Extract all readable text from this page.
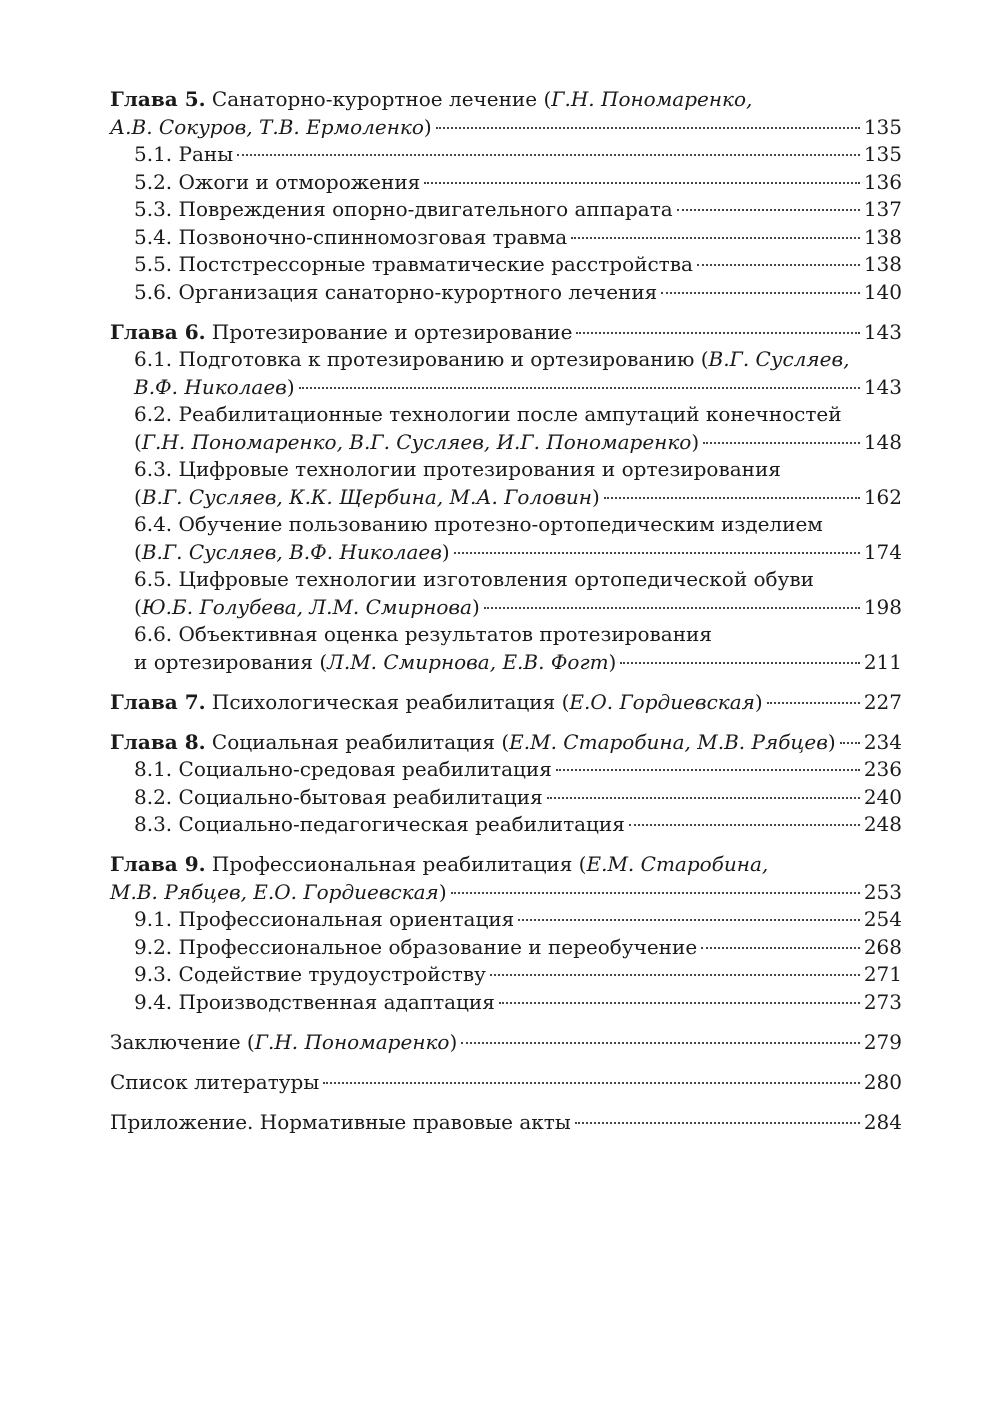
Глава 5. Санаторно-курортное лечение (Г.Н. Пономаренко,
А.В. Сокуров, Т.В. Ермоленко)	135
5.1. Раны	135
5.2. Ожоги и отморожения	136
5.3. Повреждения опорно-двигательного аппарата	137
5.4. Позвоночно-спинномозговая травма	138
5.5. Постстрессорные травматические расстройства	138
5.6. Организация санаторно-курортного лечения	140
Глава 6. Протезирование и ортезирование	143
6.1. Подготовка к протезированию и ортезированию (В.Г. Сусляев,
В.Ф. Николаев)	143
6.2. Реабилитационные технологии после ампутаций конечностей
(Г.Н. Пономаренко, В.Г. Сусляев, И.Г. Пономаренко)	148
6.3. Цифровые технологии протезирования и ортезирования
(В.Г. Сусляев, К.К. Щербина, М.А. Головин)	162
6.4. Обучение пользованию протезно-ортопедическим изделием
(В.Г. Сусляев, В.Ф. Николаев)	174
6.5. Цифровые технологии изготовления ортопедической обуви
(Ю.Б. Голубева, Л.М. Смирнова)	198
6.6. Объективная оценка результатов протезирования
и ортезирования (Л.М. Смирнова, Е.В. Фогт)	211
Глава 7. Психологическая реабилитация (Е.О. Гордиевская)	227
Глава 8. Социальная реабилитация (Е.М. Старобина, М.В. Рябцев) 234
8.1. Социально-средовая реабилитация	236
8.2. Социально-бытовая реабилитация	240
8.3. Социально-педагогическая реабилитация	248
Глава 9. Профессиональная реабилитация (Е.М. Старобина,
М.В. Рябцев, Е.О. Гордиевская)	253
9.1. Профессиональная ориентация	254
9.2. Профессиональное образование и переобучение	268
9.3. Содействие трудоустройству	271
9.4. Производственная адаптация	273
Заключение (Г.Н. Пономаренко)	279
Список литературы	280
Приложение. Нормативные правовые акты	284
